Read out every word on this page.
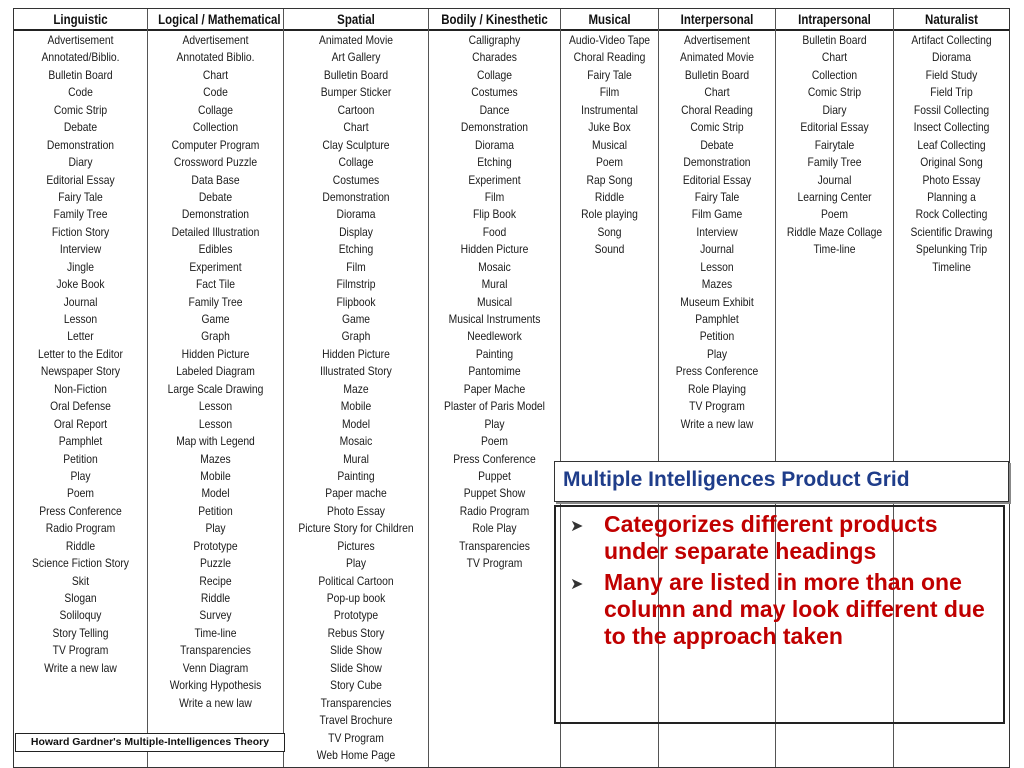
Linguistic
Advertisement
Annotated/Biblio.
Bulletin Board
Code
Comic Strip
Debate
Demonstration
Diary
Editorial Essay
Fairy Tale
Family Tree
Fiction Story
Interview
Jingle
Joke Book
Journal
Lesson
Letter
Letter to the Editor
Newspaper Story
Non-Fiction
Oral Defense
Oral Report
Pamphlet
Petition
Play
Poem
Press Conference
Radio Program
Riddle
Science Fiction Story
Skit
Slogan
Soliloquy
Story Telling
TV Program
Write a new law
Logical / Mathematical
Advertisement
Annotated Biblio.
Chart
Code
Collage
Collection
Computer Program
Crossword Puzzle
Data Base
Debate
Demonstration
Detailed Illustration
Edibles
Experiment
Fact Tile
Family Tree
Game
Graph
Hidden Picture
Labeled Diagram
Large Scale Drawing
Lesson
Lesson
Map with Legend
Mazes
Mobile
Model
Petition
Play
Prototype
Puzzle
Recipe
Riddle
Survey
Time-line
Transparencies
Venn Diagram
Working Hypothesis
Write a new law
Spatial
Animated Movie
Art Gallery
Bulletin Board
Bumper Sticker
Cartoon
Chart
Clay Sculpture
Collage
Costumes
Demonstration
Diorama
Display
Etching
Film
Filmstrip
Flipbook
Game
Graph
Hidden Picture
Illustrated Story
Maze
Mobile
Model
Mosaic
Mural
Painting
Paper mache
Photo Essay
Picture Story for Children
Pictures
Play
Political Cartoon
Pop-up book
Prototype
Rebus Story
Slide Show
Slide Show
Story Cube
Transparencies
Travel Brochure
TV Program
Web Home Page
Bodily / Kinesthetic
Calligraphy
Charades
Collage
Costumes
Dance
Demonstration
Diorama
Etching
Experiment
Film
Flip Book
Food
Hidden Picture
Mosaic
Mural
Musical
Musical Instruments
Needlework
Painting
Pantomime
Paper Mache
Plaster of Paris Model
Play
Poem
Press Conference
Puppet
Puppet Show
Radio Program
Role Play
Transparencies
TV Program
Musical
Audio-Video Tape
Choral Reading
Fairy Tale
Film
Instrumental
Juke Box
Musical
Poem
Rap Song
Riddle
Role playing
Song
Sound
Interpersonal
Advertisement
Animated Movie
Bulletin Board
Chart
Choral Reading
Comic Strip
Debate
Demonstration
Editorial Essay
Fairy Tale
Film Game
Interview
Journal
Lesson
Mazes
Museum Exhibit
Pamphlet
Petition
Play
Press Conference
Role Playing
TV Program
Write a new law
Intrapersonal
Bulletin Board
Chart
Collection
Comic Strip
Diary
Editorial Essay
Fairytale
Family Tree
Journal
Learning Center
Poem
Riddle Maze Collage
Time-line
Naturalist
Artifact Collecting
Diorama
Field Study
Field Trip
Fossil Collecting
Insect Collecting
Leaf Collecting
Original Song
Photo Essay
Planning a
Rock Collecting
Scientific Drawing
Spelunking Trip
Timeline
Howard Gardner's Multiple-Intelligences Theory
Multiple Intelligences Product Grid
➤ Categorizes different products under separate headings
➤ Many are listed in more than one column and may look different due to the approach taken
